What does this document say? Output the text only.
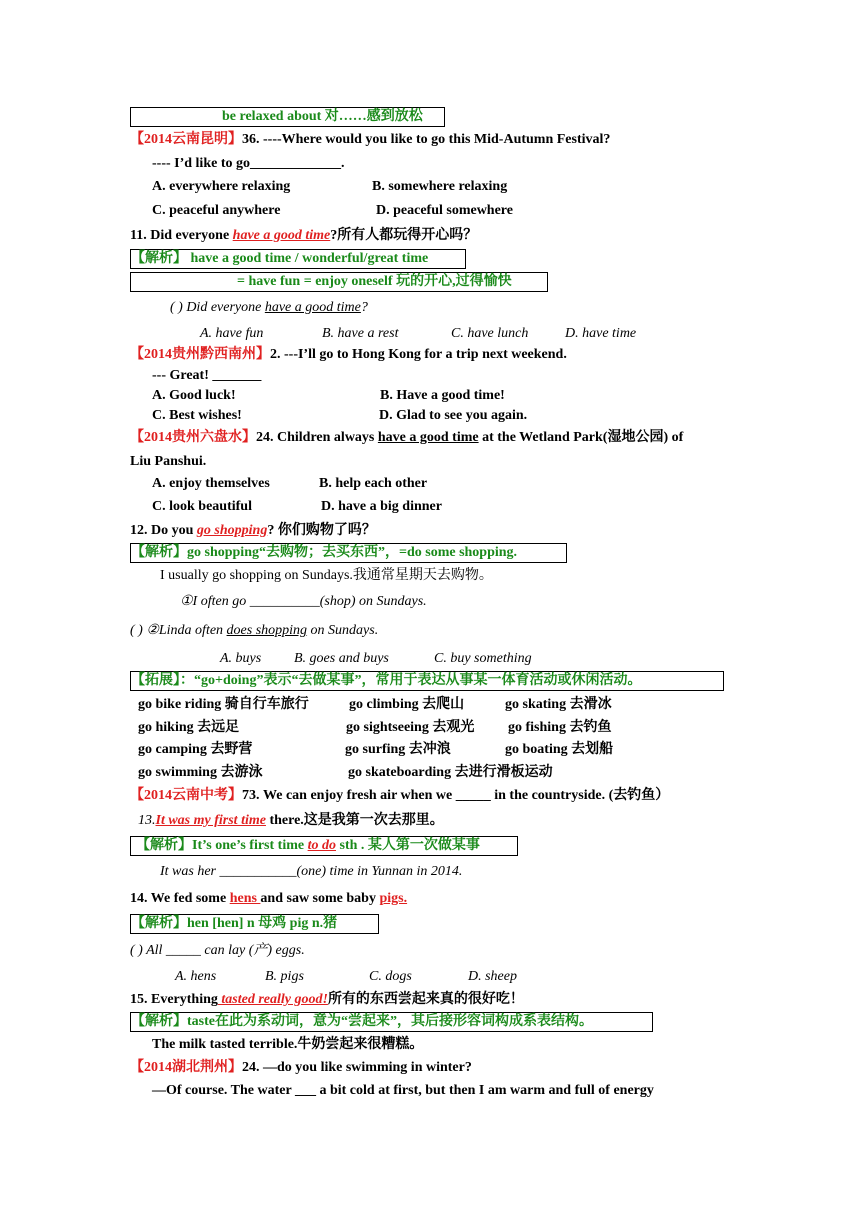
be relaxed about 对……感到放松
【2014云南昆明】36. ----Where would you like to go this Mid-Autumn Festival?
---- I’d like to go_____________.
A. everywhere relaxing	B. somewhere relaxing
C. peaceful anywhere	D. peaceful somewhere
11. Did everyone have a good time?所有人都玩得开心吗？
【解析】 have a good time / wonderful/great time
= have fun = enjoy oneself 玩的开心,过得愉快
( ) Did everyone have a good time?
A. have fun	B. have a rest	C. have lunch	D. have time
【2014贵州黔西南州】2. ---I’ll go to Hong Kong for a trip next weekend.
--- Great! _______
A. Good luck!	B. Have a good time!
C. Best wishes!	D. Glad to see you again.
【2014贵州六盘水】24. Children always have a good time at the Wetland Park(湿地公园) of
Liu Panshui.
A. enjoy themselves	B. help each other
C. look beautiful	D. have a big dinner
12. Do you go shopping? 你们购物了吗？
【解析】go shopping“去购物；去买东西”，=do some shopping.
I usually go shopping on Sundays.我通常星期天去购物。
①I often go __________(shop) on Sundays.
( ) ②Linda often does shopping on Sundays.
A. buys B. goes and buys	C. buy something
【拓展】：“go+doing”表示“去做某事”，常用于表达从事某一体育活动或休闲活动。
go bike riding 骑自行车旅行	go climbing 去爬山	go skating 去滑冰
go hiking 去远足	go sightseeing 去观光 go fishing 去钓鱼
go camping 去野营	go surfing 去冲浪	go boating 去划船
go swimming 去游泳	go skateboarding 去进行滑板运动
【2014云南中考】73. We can enjoy fresh air when we _____ in the countryside. (去钓鱼）
13.It was my first time there.这是我第一次去那里。
【解析】It’s one’s first time to do sth . 某人第一次做某事
It was her ___________(one) time in Yunnan in 2014.
14. We fed some hens and saw some baby pigs.
【解析】hen [hen] n 母鸡 pig n.猪
( ) All _____ can lay (产) eggs.
A. hens	B. pigs	C. dogs	D. sheep
15. Everything tasted really good!所有的东西尝起来真的很好吃！
【解析】taste在此为系动词，意为“尝起来”，其后接形容词构成系表结构。
The milk tasted terrible.牛奶尝起来很糟糕。
【2014湖北荆州】24. —do you like swimming in winter?
—Of course. The water ___ a bit cold at first, but then I am warm and full of energy
